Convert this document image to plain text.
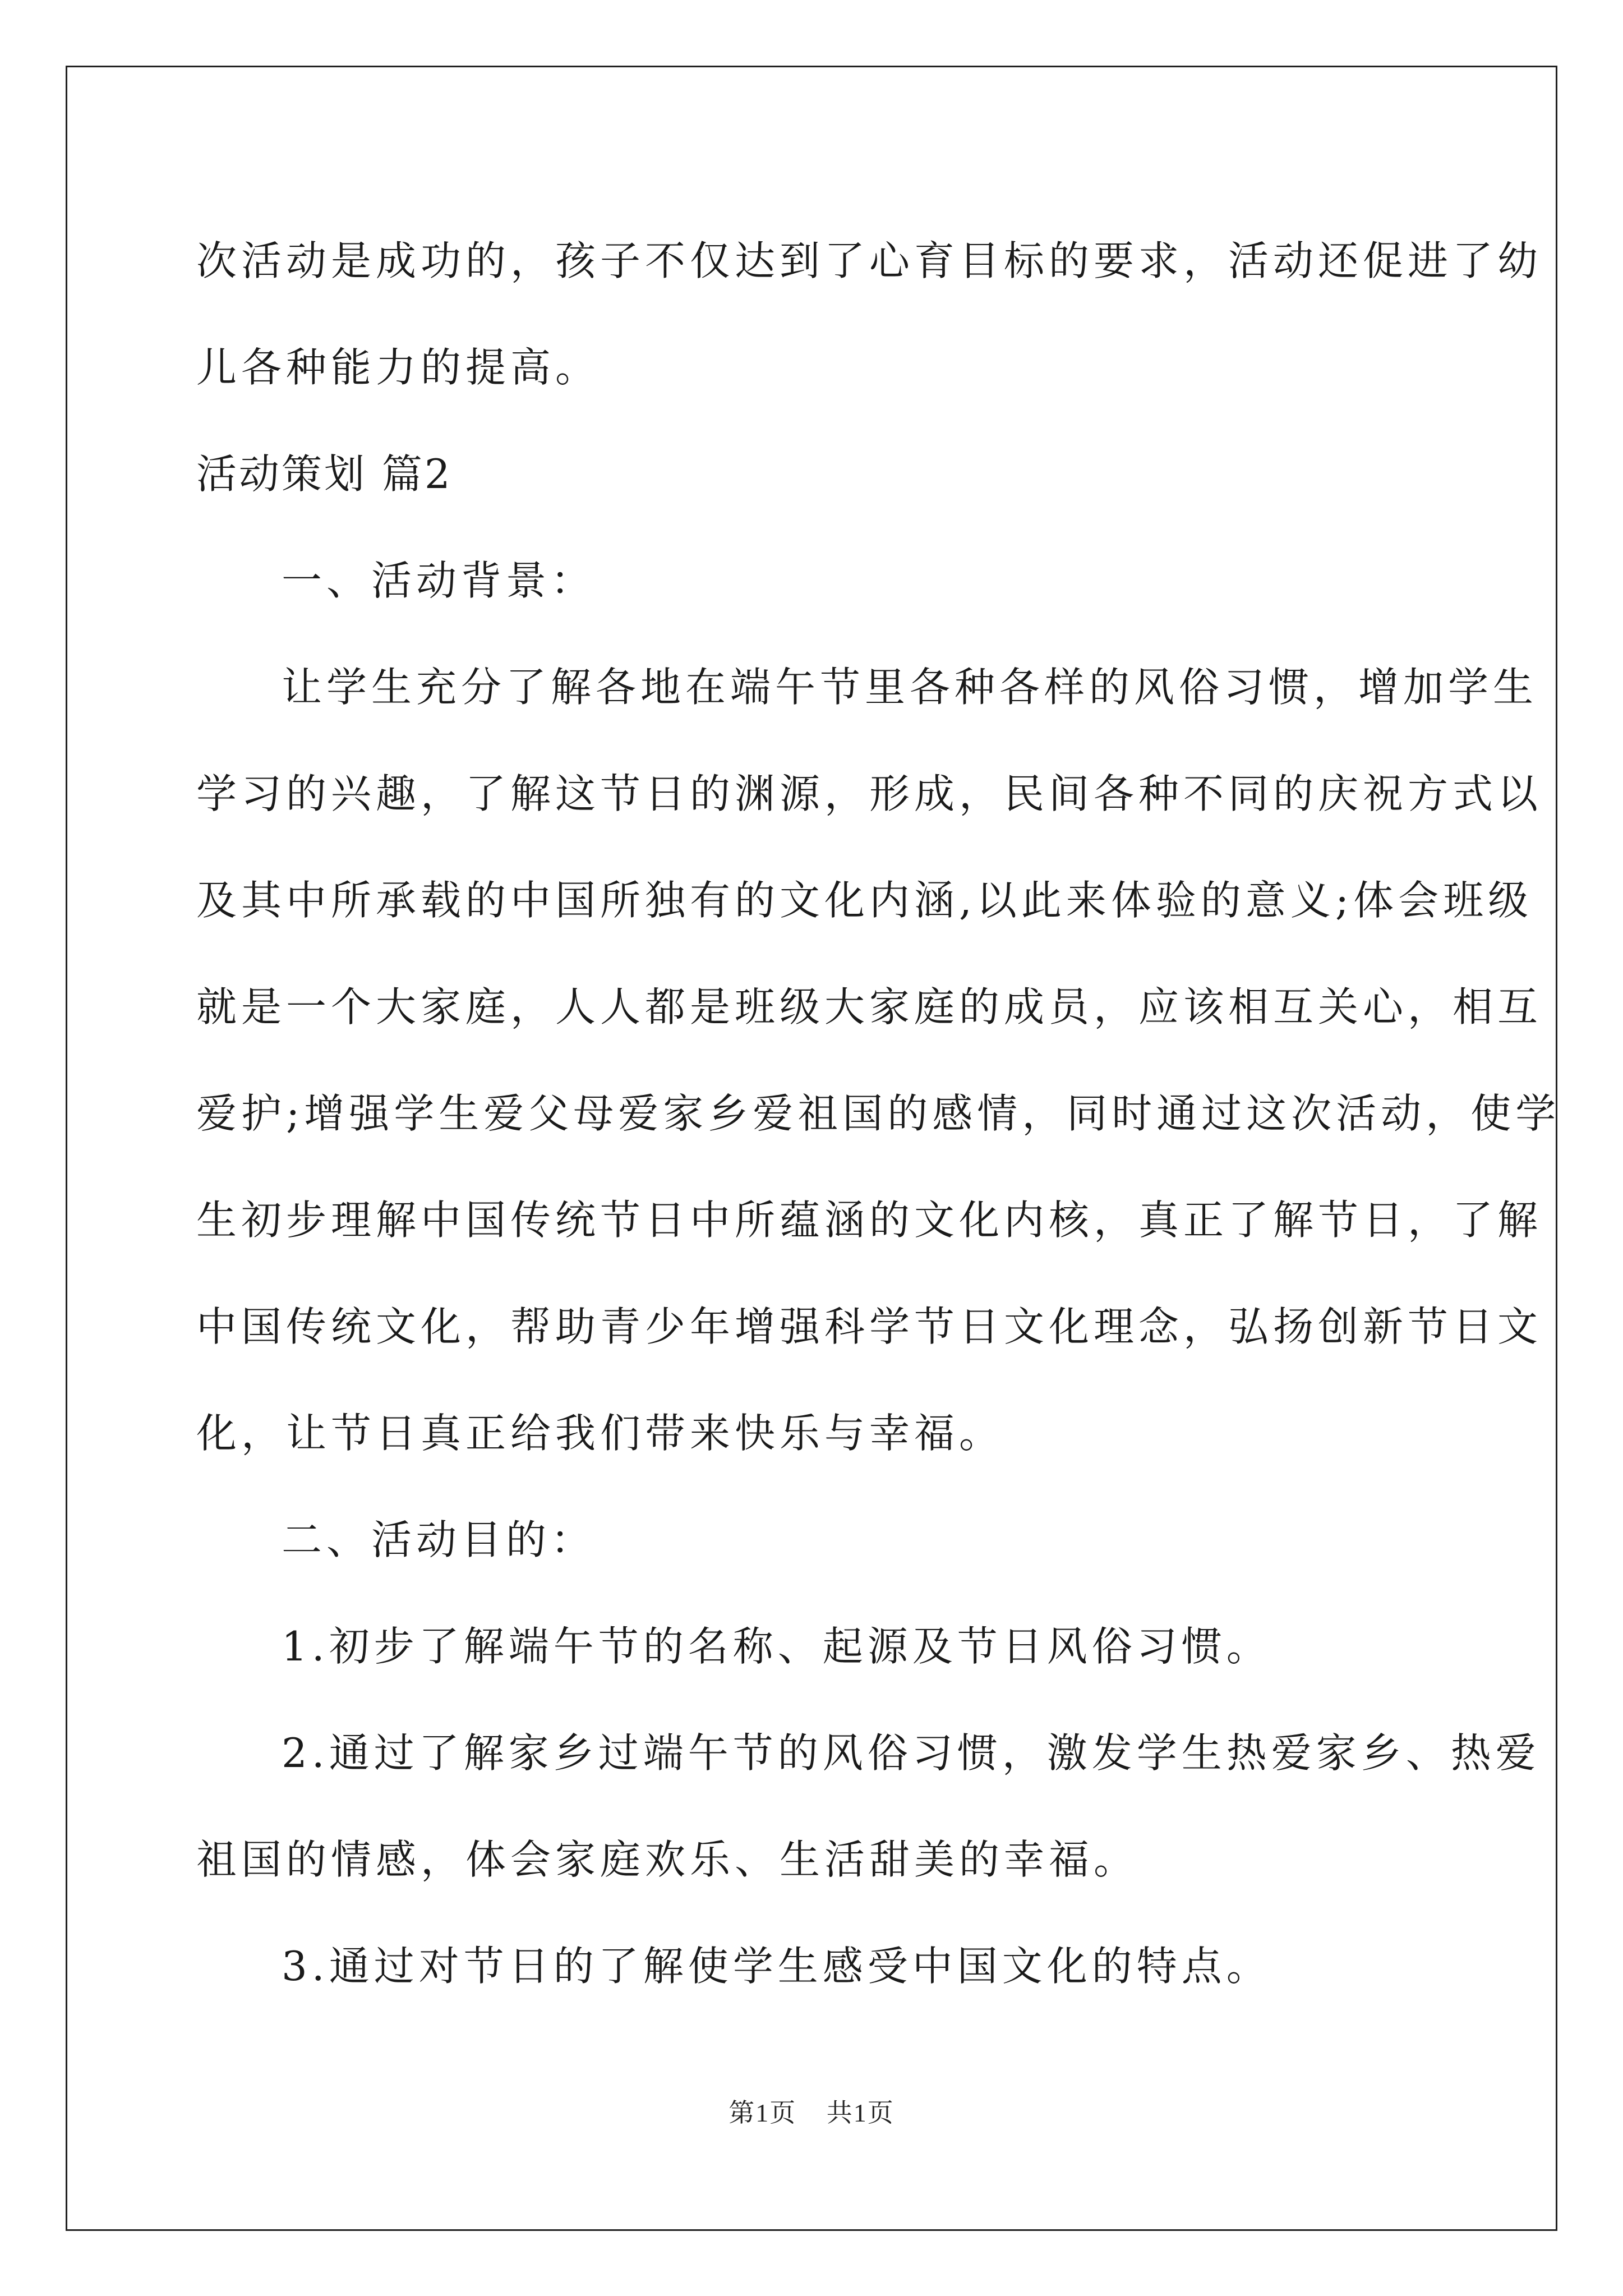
次活动是成功的，孩子不仅达到了心育目标的要求，活动还促进了幼

儿各种能力的提高。

活动策划 篇2

一、活动背景：

让学生充分了解各地在端午节里各种各样的风俗习惯，增加学生

学习的兴趣，了解这节日的渊源，形成，民间各种不同的庆祝方式以

及其中所承载的中国所独有的文化内涵,以此来体验的意义;体会班级

就是一个大家庭，人人都是班级大家庭的成员，应该相互关心，相互

爱护;增强学生爱父母爱家乡爱祖国的感情，同时通过这次活动，使学

生初步理解中国传统节日中所蕴涵的文化内核，真正了解节日，了解

中国传统文化，帮助青少年增强科学节日文化理念，弘扬创新节日文

化，让节日真正给我们带来快乐与幸福。

二、活动目的：

1.初步了解端午节的名称、起源及节日风俗习惯。

2.通过了解家乡过端午节的风俗习惯，激发学生热爱家乡、热爱

祖国的情感，体会家庭欢乐、生活甜美的幸福。

3.通过对节日的了解使学生感受中国文化的特点。

第1页 共1页
